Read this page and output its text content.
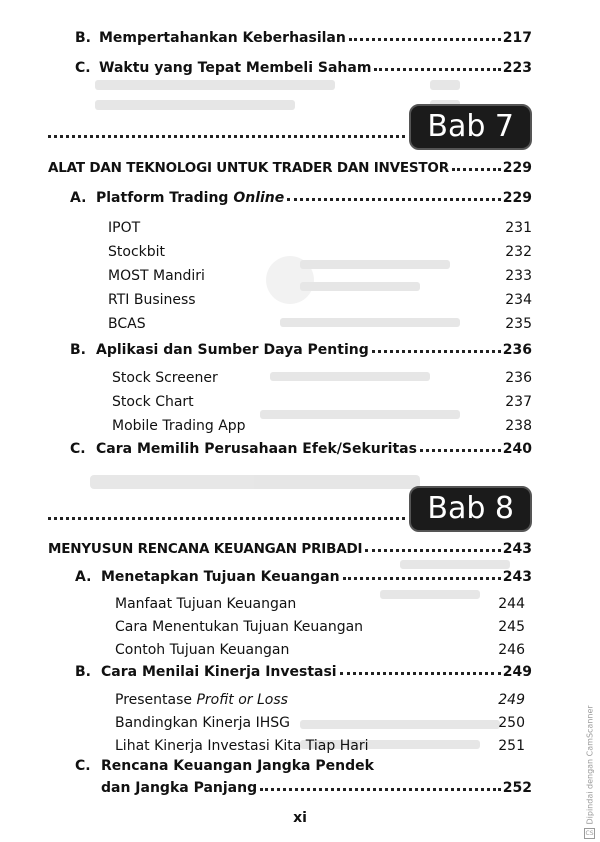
B. Mempertahankan Keberhasilan	217
C. Waktu yang Tepat Membeli Saham	223
Bab 7
ALAT DAN TEKNOLOGI UNTUK TRADER DAN INVESTOR	229
A. Platform Trading Online	229
IPOT	231
Stockbit	232
MOST Mandiri	233
RTI Business	234
BCAS	235
B. Aplikasi dan Sumber Daya Penting	236
Stock Screener	236
Stock Chart	237
Mobile Trading App	238
C. Cara Memilih Perusahaan Efek/Sekuritas	240
Bab 8
MENYUSUN RENCANA KEUANGAN PRIBADI	243
A. Menetapkan Tujuan Keuangan	243
Manfaat Tujuan Keuangan	244
Cara Menentukan Tujuan Keuangan	245
Contoh Tujuan Keuangan	246
B. Cara Menilai Kinerja Investasi	249
Presentase Profit or Loss	249
Bandingkan Kinerja IHSG	250
Lihat Kinerja Investasi Kita Tiap Hari	251
C. Rencana Keuangan Jangka Pendek
dan Jangka Panjang	252
xi	Dipindai dengan CamScanner
CS
